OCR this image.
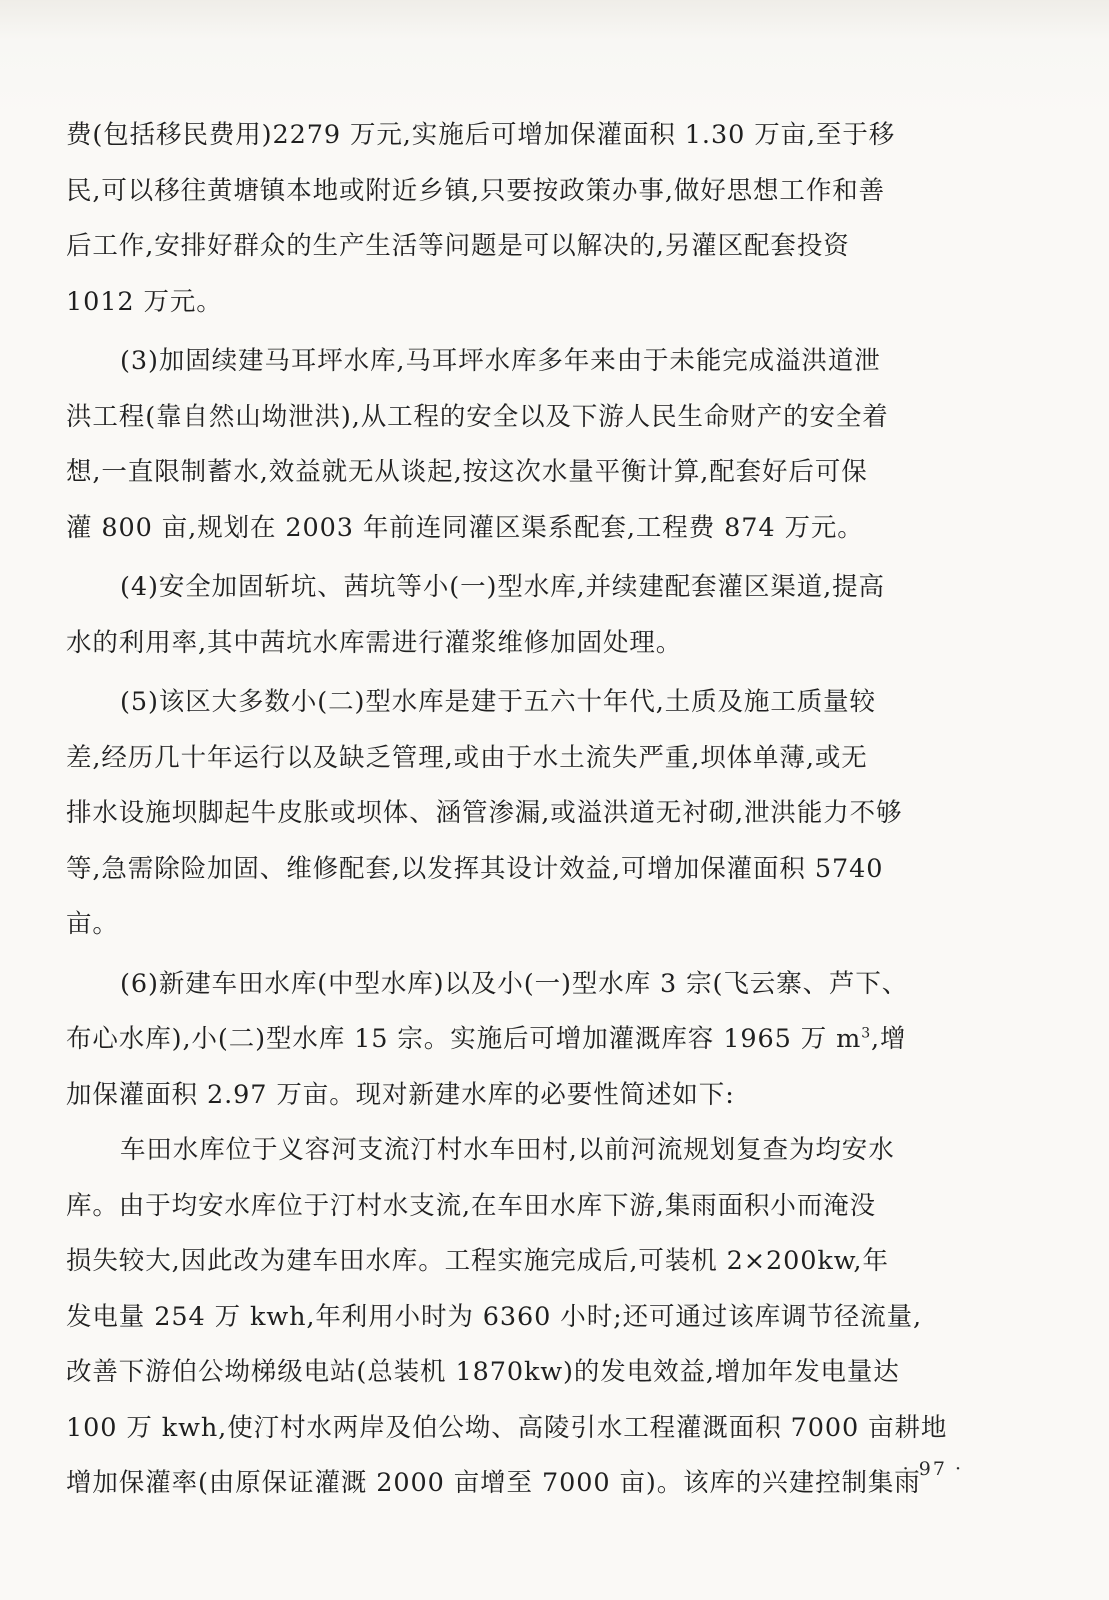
费(包括移民费用)2279 万元,实施后可增加保灌面积 1.30 万亩,至于移
民,可以移往黄塘镇本地或附近乡镇,只要按政策办事,做好思想工作和善
后工作,安排好群众的生产生活等问题是可以解决的,另灌区配套投资
1012 万元。
(3)加固续建马耳坪水库,马耳坪水库多年来由于未能完成溢洪道泄
洪工程(靠自然山坳泄洪),从工程的安全以及下游人民生命财产的安全着
想,一直限制蓄水,效益就无从谈起,按这次水量平衡计算,配套好后可保
灌 800 亩,规划在 2003 年前连同灌区渠系配套,工程费 874 万元。
(4)安全加固斩坑、茜坑等小(一)型水库,并续建配套灌区渠道,提高
水的利用率,其中茜坑水库需进行灌浆维修加固处理。
(5)该区大多数小(二)型水库是建于五六十年代,土质及施工质量较
差,经历几十年运行以及缺乏管理,或由于水土流失严重,坝体单薄,或无
排水设施坝脚起牛皮胀或坝体、涵管渗漏,或溢洪道无衬砌,泄洪能力不够
等,急需除险加固、维修配套,以发挥其设计效益,可增加保灌面积 5740
亩。
(6)新建车田水库(中型水库)以及小(一)型水库 3 宗(飞云寨、芦下、
布心水库),小(二)型水库 15 宗。实施后可增加灌溉库容 1965 万 $m^3$,增
加保灌面积 2.97 万亩。现对新建水库的必要性简述如下:
车田水库位于义容河支流汀村水车田村,以前河流规划复查为均安水
库。由于均安水库位于汀村水支流,在车田水库下游,集雨面积小而淹没
损失较大,因此改为建车田水库。工程实施完成后,可装机 2×200kw,年
发电量 254 万 kwh,年利用小时为 6360 小时;还可通过该库调节径流量,
改善下游伯公坳梯级电站(总装机 1870kw)的发电效益,增加年发电量达
100 万 kwh,使汀村水两岸及伯公坳、高陵引水工程灌溉面积 7000 亩耕地
增加保灌率(由原保证灌溉 2000 亩增至 7000 亩)。该库的兴建控制集雨
· 97 ·
